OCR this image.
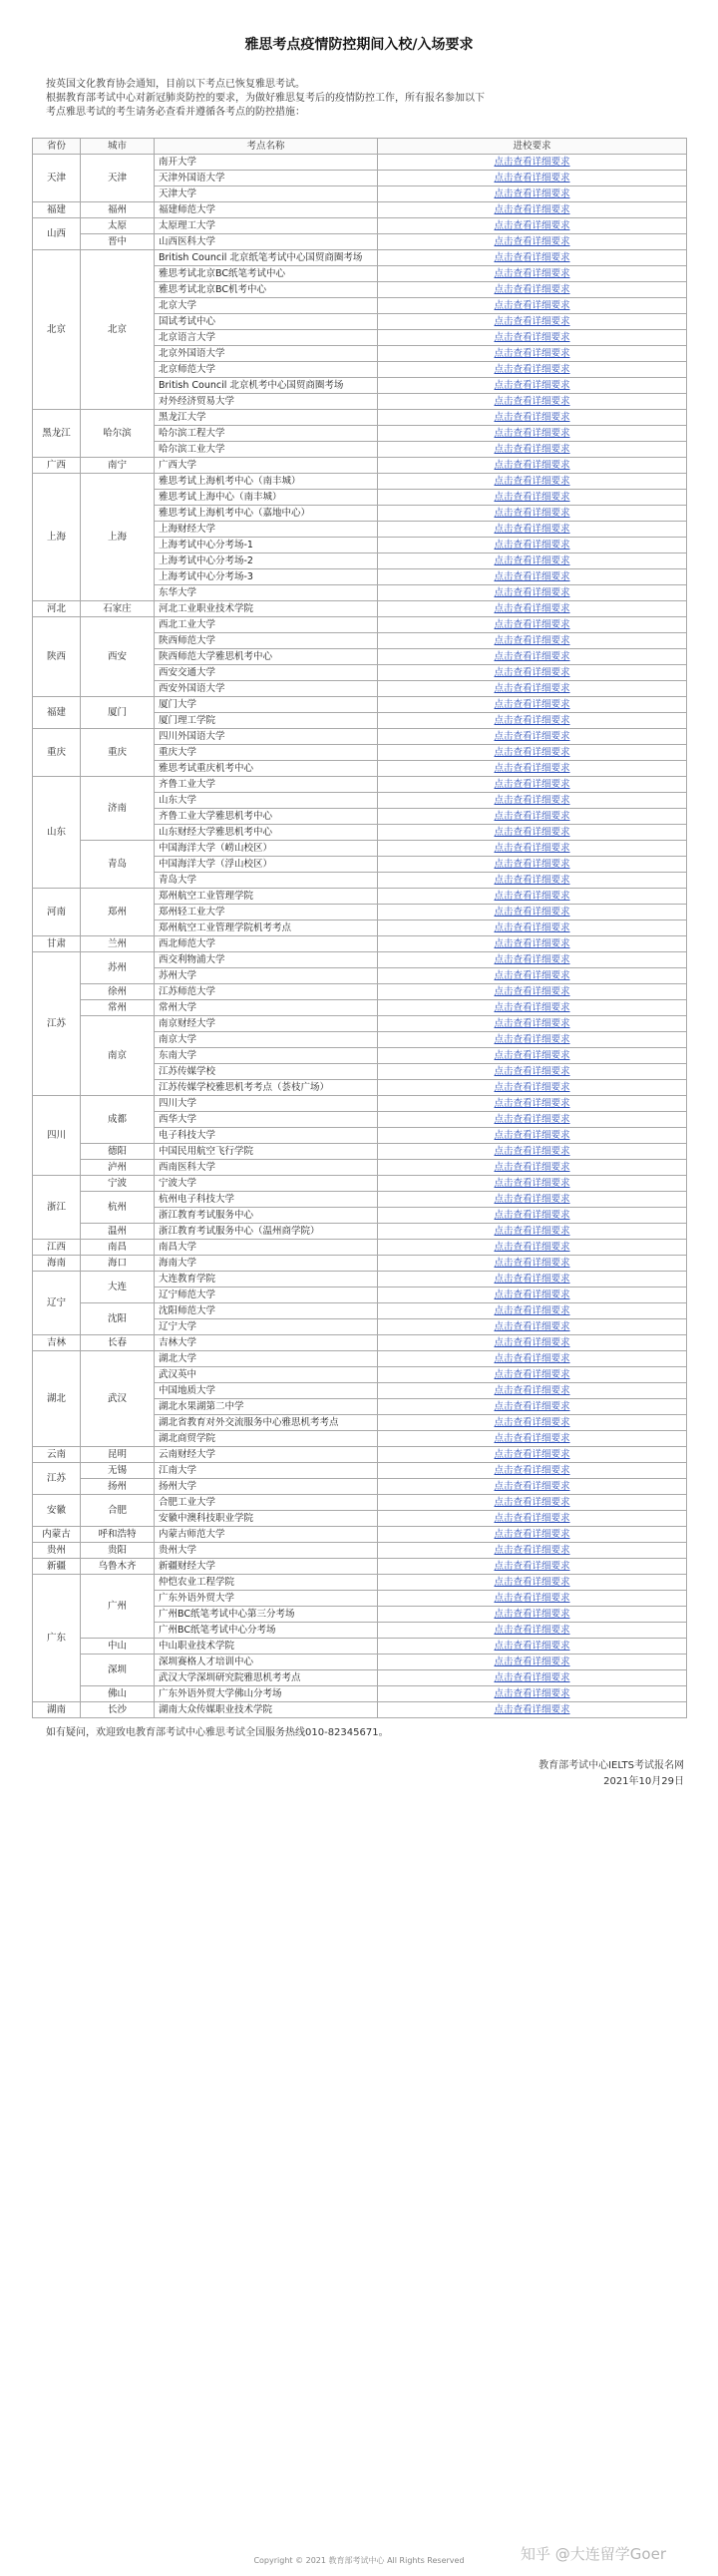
雅思考点疫情防控期间入校/入场要求
按英国文化教育协会通知，目前以下考点已恢复雅思考试。
根据教育部考试中心对新冠肺炎防控的要求，为做好雅思复考后的疫情防控工作，所有报名参加以下
考点雅思考试的考生请务必查看并遵循各考点的防控措施：
省份	城市	考点名称	进校要求
天津	天津	南开大学	点击查看详细要求
		天津外国语大学	点击查看详细要求
		天津大学	点击查看详细要求
福建	福州	福建师范大学	点击查看详细要求
山西	太原	太原理工大学	点击查看详细要求
	晋中	山西医科大学	点击查看详细要求
北京	北京	British Council 北京纸笔考试中心国贸商圈考场	点击查看详细要求
		雅思考试北京BC纸笔考试中心	点击查看详细要求
		雅思考试北京BC机考中心	点击查看详细要求
		北京大学	点击查看详细要求
		国试考试中心	点击查看详细要求
		北京语言大学	点击查看详细要求
		北京外国语大学	点击查看详细要求
		北京师范大学	点击查看详细要求
		British Council 北京机考中心国贸商圈考场	点击查看详细要求
		对外经济贸易大学	点击查看详细要求
黑龙江	哈尔滨	黑龙江大学	点击查看详细要求
		哈尔滨工程大学	点击查看详细要求
		哈尔滨工业大学	点击查看详细要求
广西	南宁	广西大学	点击查看详细要求
上海	上海	雅思考试上海机考中心（南丰城）	点击查看详细要求
		雅思考试上海中心（南丰城）	点击查看详细要求
		雅思考试上海机考中心（嘉地中心）	点击查看详细要求
		上海财经大学	点击查看详细要求
		上海考试中心分考场-1	点击查看详细要求
		上海考试中心分考场-2	点击查看详细要求
		上海考试中心分考场-3	点击查看详细要求
		东华大学	点击查看详细要求
河北	石家庄	河北工业职业技术学院	点击查看详细要求
陕西	西安	西北工业大学	点击查看详细要求
		陕西师范大学	点击查看详细要求
		陕西师范大学雅思机考中心	点击查看详细要求
		西安交通大学	点击查看详细要求
		西安外国语大学	点击查看详细要求
福建	厦门	厦门大学	点击查看详细要求
		厦门理工学院	点击查看详细要求
重庆	重庆	四川外国语大学	点击查看详细要求
		重庆大学	点击查看详细要求
		雅思考试重庆机考中心	点击查看详细要求
山东	济南	齐鲁工业大学	点击查看详细要求
		山东大学	点击查看详细要求
		齐鲁工业大学雅思机考中心	点击查看详细要求
		山东财经大学雅思机考中心	点击查看详细要求
	青岛	中国海洋大学（崂山校区）	点击查看详细要求
		中国海洋大学（浮山校区）	点击查看详细要求
		青岛大学	点击查看详细要求
河南	郑州	郑州航空工业管理学院	点击查看详细要求
		郑州轻工业大学	点击查看详细要求
		郑州航空工业管理学院机考考点	点击查看详细要求
甘肃	兰州	西北师范大学	点击查看详细要求
江苏	苏州	西交利物浦大学	点击查看详细要求
		苏州大学	点击查看详细要求
	徐州	江苏师范大学	点击查看详细要求
	常州	常州大学	点击查看详细要求
	南京	南京财经大学	点击查看详细要求
		南京大学	点击查看详细要求
		东南大学	点击查看详细要求
		江苏传媒学校	点击查看详细要求
		江苏传媒学校雅思机考考点（荟枝广场）	点击查看详细要求
四川	成都	四川大学	点击查看详细要求
		西华大学	点击查看详细要求
		电子科技大学	点击查看详细要求
	德阳	中国民用航空飞行学院	点击查看详细要求
	泸州	西南医科大学	点击查看详细要求
浙江	宁波	宁波大学	点击查看详细要求
	杭州	杭州电子科技大学	点击查看详细要求
		浙江教育考试服务中心	点击查看详细要求
	温州	浙江教育考试服务中心（温州商学院）	点击查看详细要求
江西	南昌	南昌大学	点击查看详细要求
海南	海口	海南大学	点击查看详细要求
辽宁	大连	大连教育学院	点击查看详细要求
		辽宁师范大学	点击查看详细要求
	沈阳	沈阳师范大学	点击查看详细要求
		辽宁大学	点击查看详细要求
吉林	长春	吉林大学	点击查看详细要求
湖北	武汉	湖北大学	点击查看详细要求
		武汉英中	点击查看详细要求
		中国地质大学	点击查看详细要求
		湖北水果湖第二中学	点击查看详细要求
		湖北省教育对外交流服务中心雅思机考考点	点击查看详细要求
		湖北商贸学院	点击查看详细要求
云南	昆明	云南财经大学	点击查看详细要求
江苏	无锡	江南大学	点击查看详细要求
	扬州	扬州大学	点击查看详细要求
安徽	合肥	合肥工业大学	点击查看详细要求
		安徽中澳科技职业学院	点击查看详细要求
内蒙古	呼和浩特	内蒙古师范大学	点击查看详细要求
贵州	贵阳	贵州大学	点击查看详细要求
新疆	乌鲁木齐	新疆财经大学	点击查看详细要求
广东	广州	仲恺农业工程学院	点击查看详细要求
		广东外语外贸大学	点击查看详细要求
		广州BC纸笔考试中心第三分考场	点击查看详细要求
		广州BC纸笔考试中心分考场	点击查看详细要求
	中山	中山职业技术学院	点击查看详细要求
	深圳	深圳赛格人才培训中心	点击查看详细要求
		武汉大学深圳研究院雅思机考考点	点击查看详细要求
	佛山	广东外语外贸大学佛山分考场	点击查看详细要求
湖南	长沙	湖南大众传媒职业技术学院	点击查看详细要求
如有疑问，欢迎致电教育部考试中心雅思考试全国服务热线010-82345671。
教育部考试中心IELTS考试报名网
2021年10月29日
Copyright © 2021 教育部考试中心 All Rights Reserved	知乎 @大连留学Goer
